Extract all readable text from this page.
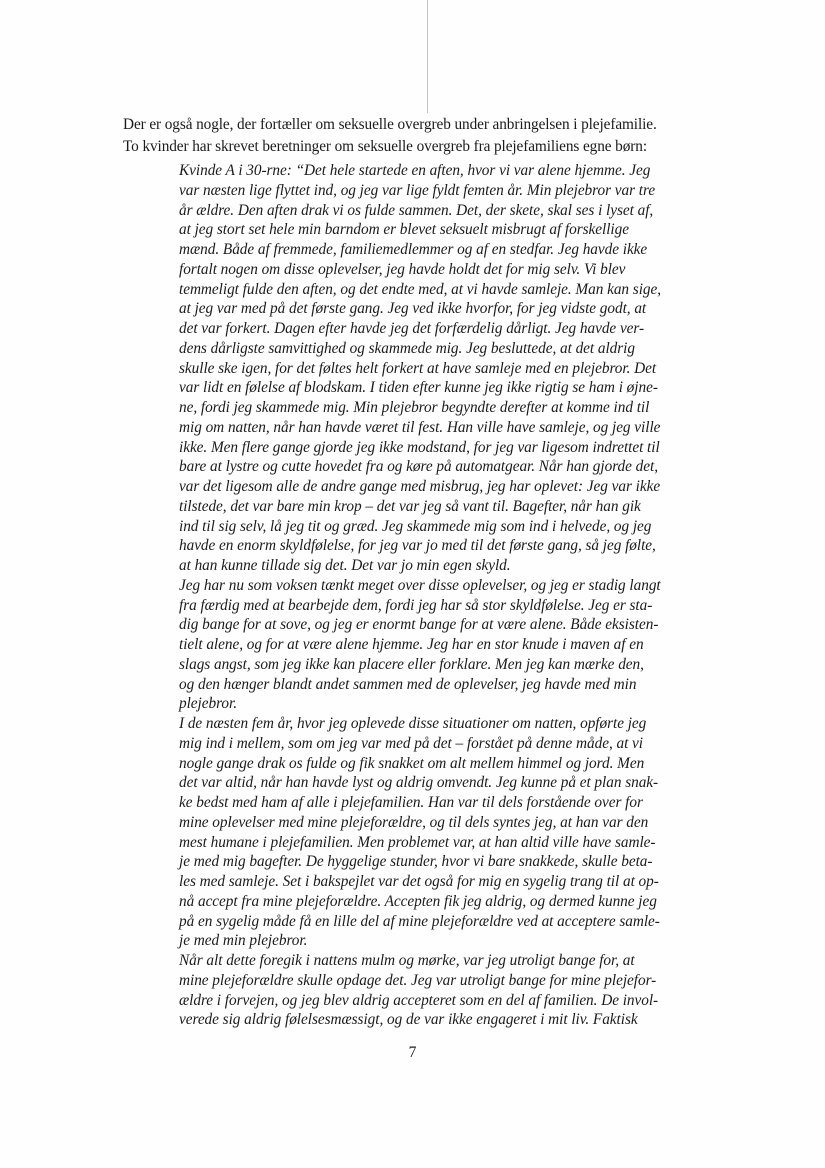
Der er også nogle, der fortæller om seksuelle overgreb under anbringelsen i plejefamilie.
To kvinder har skrevet beretninger om seksuelle overgreb fra plejefamiliens egne børn:
Kvinde A i 30-rne: “Det hele startede en aften, hvor vi var alene hjemme. Jeg
var næsten lige flyttet ind, og jeg var lige fyldt femten år. Min plejebror var tre
år ældre. Den aften drak vi os fulde sammen. Det, der skete, skal ses i lyset af,
at jeg stort set hele min barndom er blevet seksuelt misbrugt af forskellige
mænd. Både af fremmede, familiemedlemmer og af en stedfar. Jeg havde ikke
fortalt nogen om disse oplevelser, jeg havde holdt det for mig selv. Vi blev
temmeligt fulde den aften, og det endte med, at vi havde samleje. Man kan sige,
at jeg var med på det første gang. Jeg ved ikke hvorfor, for jeg vidste godt, at
det var forkert. Dagen efter havde jeg det forfærdelig dårligt. Jeg havde ver-
dens dårligste samvittighed og skammede mig. Jeg besluttede, at det aldrig
skulle ske igen, for det føltes helt forkert at have samleje med en plejebror. Det
var lidt en følelse af blodskam. I tiden efter kunne jeg ikke rigtig se ham i øjne-
ne, fordi jeg skammede mig. Min plejebror begyndte derefter at komme ind til
mig om natten, når han havde været til fest. Han ville have samleje, og jeg ville
ikke. Men flere gange gjorde jeg ikke modstand, for jeg var ligesom indrettet til
bare at lystre og cutte hovedet fra og køre på automatgear. Når han gjorde det,
var det ligesom alle de andre gange med misbrug, jeg har oplevet: Jeg var ikke
tilstede, det var bare min krop – det var jeg så vant til. Bagefter, når han gik
ind til sig selv, lå jeg tit og græd. Jeg skammede mig som ind i helvede, og jeg
havde en enorm skyldfølelse, for jeg var jo med til det første gang, så jeg følte,
at han kunne tillade sig det. Det var jo min egen skyld.
Jeg har nu som voksen tænkt meget over disse oplevelser, og jeg er stadig langt
fra færdig med at bearbejde dem, fordi jeg har så stor skyldfølelse. Jeg er sta-
dig bange for at sove, og jeg er enormt bange for at være alene. Både eksisten-
tielt alene, og for at være alene hjemme. Jeg har en stor knude i maven af en
slags angst, som jeg ikke kan placere eller forklare. Men jeg kan mærke den,
og den hænger blandt andet sammen med de oplevelser, jeg havde med min
plejebror.
I de næsten fem år, hvor jeg oplevede disse situationer om natten, opførte jeg
mig ind i mellem, som om jeg var med på det – forstået på denne måde, at vi
nogle gange drak os fulde og fik snakket om alt mellem himmel og jord. Men
det var altid, når han havde lyst og aldrig omvendt. Jeg kunne på et plan snak-
ke bedst med ham af alle i plejefamilien. Han var til dels forstående over for
mine oplevelser med mine plejeforældre, og til dels syntes jeg, at han var den
mest humane i plejefamilien. Men problemet var, at han altid ville have samle-
je med mig bagefter. De hyggelige stunder, hvor vi bare snakkede, skulle beta-
les med samleje. Set i bakspejlet var det også for mig en sygelig trang til at op-
nå accept fra mine plejeforældre. Accepten fik jeg aldrig, og dermed kunne jeg
på en sygelig måde få en lille del af mine plejeforældre ved at acceptere samle-
je med min plejebror.
Når alt dette foregik i nattens mulm og mørke, var jeg utroligt bange for, at
mine plejeforældre skulle opdage det. Jeg var utroligt bange for mine plejefor-
ældre i forvejen, og jeg blev aldrig accepteret som en del af familien. De invol-
verede sig aldrig følelsesmæssigt, og de var ikke engageret i mit liv. Faktisk
7
